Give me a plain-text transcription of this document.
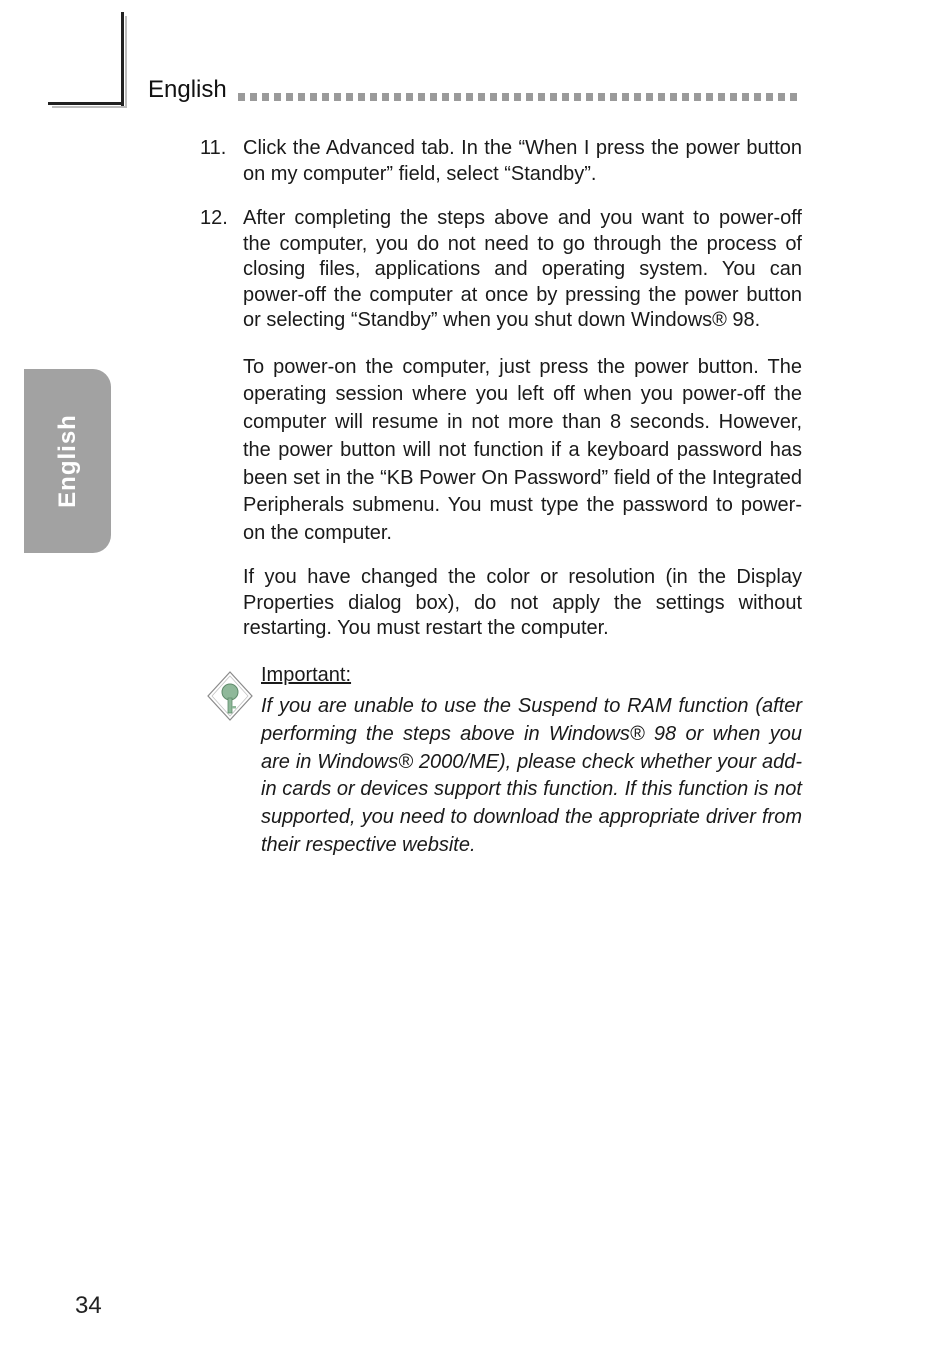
English
English
11. Click the Advanced tab. In the “When I press the power button on my computer” field, select “Standby”.
12. After completing the steps above and you want to power-off the computer, you do not need to go through the process of closing files, applications and operating system. You can power-off the computer at once by pressing the power button or selecting “Standby” when you shut down Windows® 98.
To power-on the computer, just press the power button. The operating session where you left off when you power-off the computer will resume in not more than 8 seconds. However, the power button will not function if a keyboard password has been set in the “KB Power On Password” field of the Integrated Peripherals submenu. You must type the password to power-on the computer.
If you have changed the color or resolution (in the Display Properties dialog box), do not apply the settings without restarting. You must restart the computer.
Important:
If you are unable to use the Suspend to RAM function (after performing the steps above in Windows® 98 or when you are in Windows® 2000/ME), please check whether your add-in cards or devices support this function. If this function is not supported, you need to download the appropriate driver from their respective website.
34
